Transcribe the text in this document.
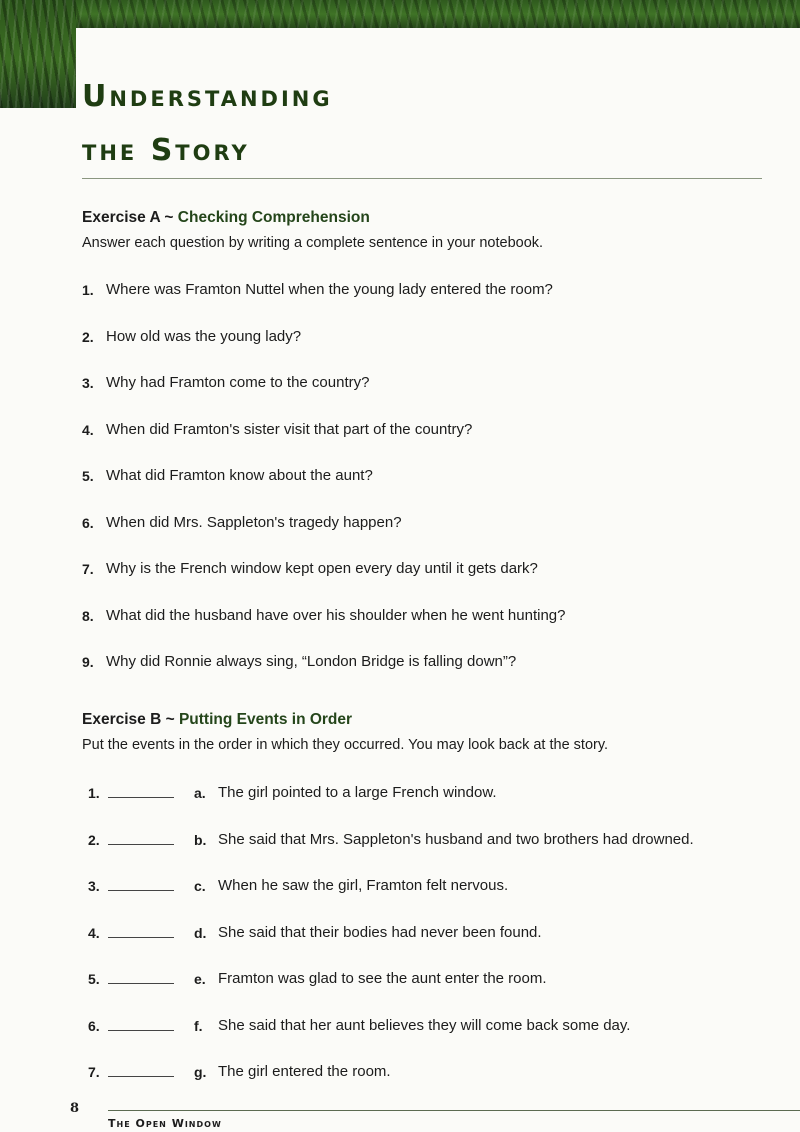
Understanding
the Story
Exercise A ~ Checking Comprehension
Answer each question by writing a complete sentence in your notebook.
1. Where was Framton Nuttel when the young lady entered the room?
2. How old was the young lady?
3. Why had Framton come to the country?
4. When did Framton's sister visit that part of the country?
5. What did Framton know about the aunt?
6. When did Mrs. Sappleton's tragedy happen?
7. Why is the French window kept open every day until it gets dark?
8. What did the husband have over his shoulder when he went hunting?
9. Why did Ronnie always sing, “London Bridge is falling down”?
Exercise B ~ Putting Events in Order
Put the events in the order in which they occurred. You may look back at the story.
1.	a. The girl pointed to a large French window.
2.	b. She said that Mrs. Sappleton's husband and two brothers had drowned.
3.	c. When he saw the girl, Framton felt nervous.
4.	d. She said that their bodies had never been found.
5.	e. Framton was glad to see the aunt enter the room.
6.	f.	She said that her aunt believes they will come back some day.
7.	g. The girl entered the room.
8
The Open Window
